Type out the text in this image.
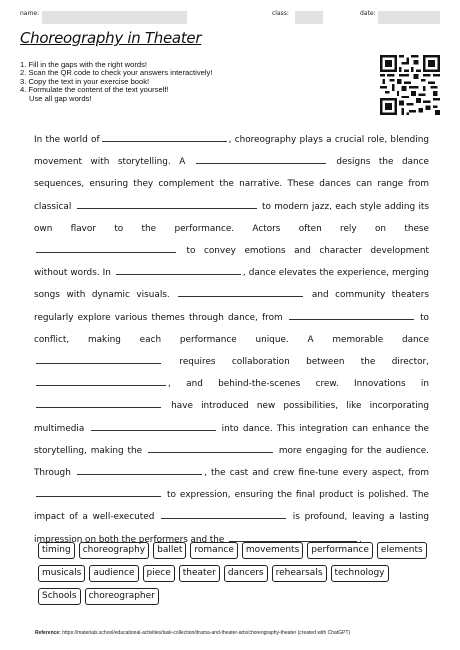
name:	class:	date:
Choreography in Theater
1. Fill in the gaps with the right words!
2. Scan the QR code to check your answers interactively!
3. Copy the text in your exercise book!
4. Formulate the content of the text yourself!
Use all gap words!
In the world of	, choreography plays a crucial role, blending movement with storytelling. A	designs the dance sequences, ensuring they complement the narrative. These dances can range from classical	to modern jazz, each style adding its own flavor to the performance. Actors often rely on these  to convey emotions and character development without words. In	, dance elevates the experience, merging songs with dynamic visuals.	and community theaters regularly explore various themes through dance, from	to conflict, making each performance unique. A memorable dance  requires collaboration between the director, , and behind-the-scenes crew. Innovations in  have introduced new possibilities, like incorporating multimedia	into dance. This integration can enhance the storytelling, making the	more engaging for the audience. Through	, the cast and crew fine-tune every aspect, from  to expression, ensuring the final product is polished. The impact of a well-executed	is profound, leaving a lasting impression on both the performers and the	.
timing	choreography	ballet	romance	movements	performance	elements
musicals	audience	piece	theater	dancers	rehearsals	technology
Schools	choreographer
Reference: https://materials.school/educational-activities/task-collection/drama-and-theater-arts/choreography-theater (created with ChatGPT)
